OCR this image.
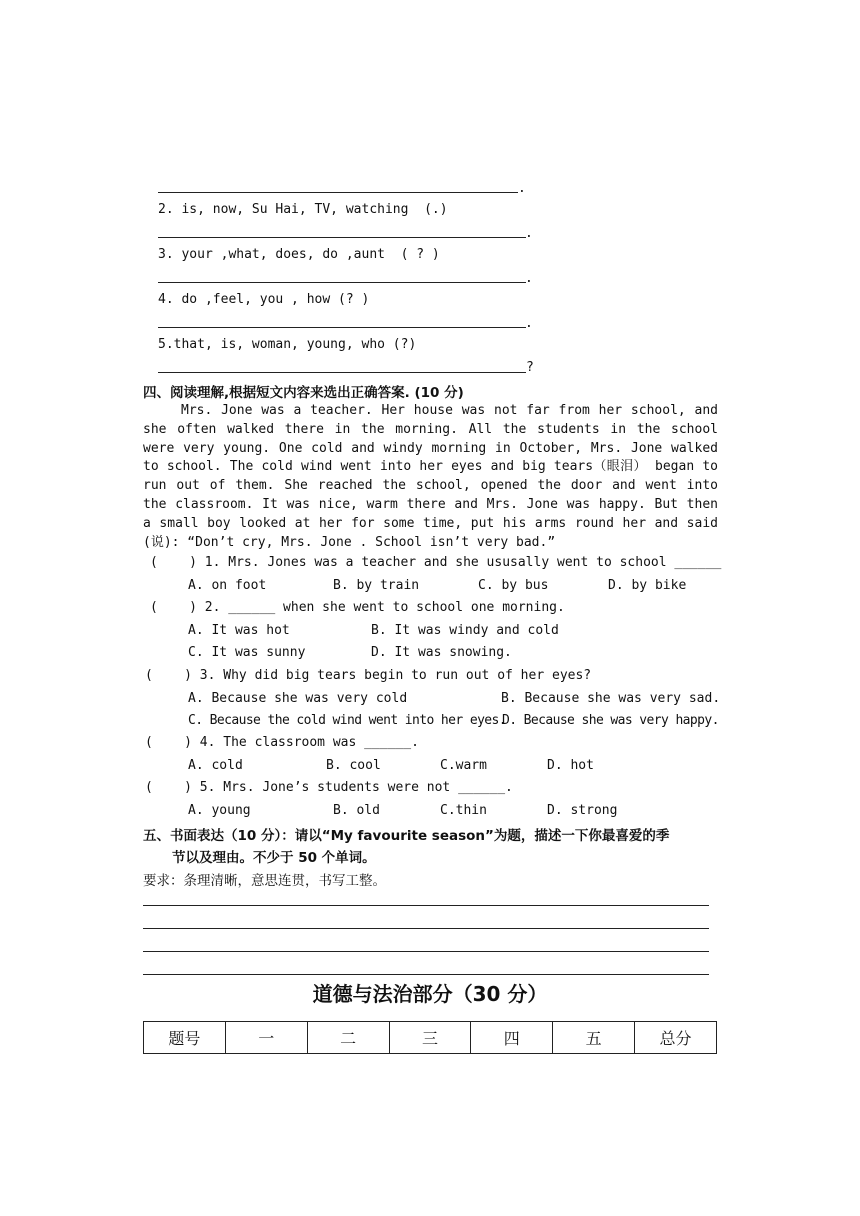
.
2. is, now, Su Hai, TV, watching  (.)
.
3. your ,what, does, do ,aunt  ( ? )
.
4. do ,feel, you , how (? )
.
5.that, is, woman, young, who (?)
?
四、阅读理解,根据短文内容来选出正确答案. (10 分)
Mrs. Jone was a teacher. Her house was not far from her school, and she often walked there in the morning. All the students in the school were very young. One cold and windy morning in October, Mrs. Jone walked to school. The cold wind went into her eyes and big tears（眼泪） began to run out of them. She reached the school, opened the door and went into the classroom. It was nice, warm there and Mrs. Jone was happy. But then a small boy looked at her for some time, put his arms round her and said (说): “Don’t cry, Mrs. Jone . School isn’t very bad.”
(    ) 1. Mrs. Jones was a teacher and she ususally went to school ______
A. on foot	B. by train	C. by bus	D. by bike
(    ) 2. ______ when she went to school one morning.
A. It was hot	B. It was windy and cold
C. It was sunny	D. It was snowing.
(    ) 3. Why did big tears begin to run out of her eyes?
A. Because she was very cold	B. Because she was very sad.
C. Because the cold wind went into her eyes.
D. Because she was very happy.
(    ) 4. The classroom was ______.
A. cold	B. cool	C.warm	D. hot
(    ) 5. Mrs. Jone’s students were not ______.
A. young	B. old	C.thin	D. strong
五、书面表达（10 分）：请以“My favourite season”为题，描述一下你最喜爱的季
节以及理由。不少于 50 个单词。
要求：条理清晰，意思连贯，书写工整。
道德与法治部分（30 分）
题号	一	二	三	四	五	总分
